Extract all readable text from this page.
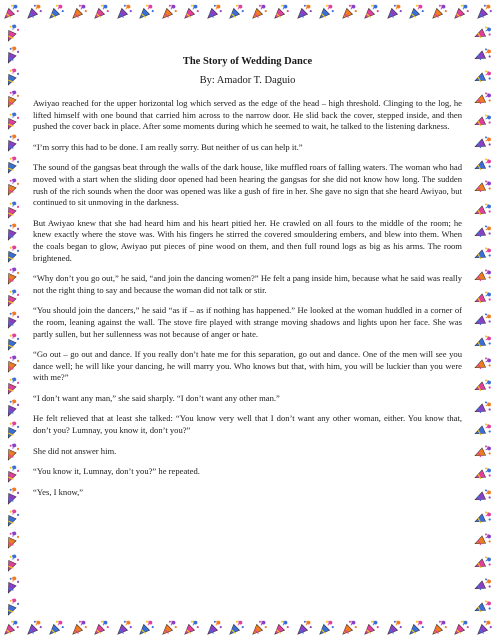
The Story of Wedding Dance
By: Amador T. Daguio

Awiyao reached for the upper horizontal log which served as the edge of the head – high threshold. Clinging to the log, he lifted himself with one bound that carried him across to the narrow door. He slid back the cover, stepped inside, and then pushed the cover back in place. After some moments during which he seemed to wait, he talked to the listening darkness.

“I’m sorry this had to be done. I am really sorry. But neither of us can help it.”

The sound of the gangsas beat through the walls of the dark house, like muffled roars of falling waters. The woman who had moved with a start when the sliding door opened had been hearing the gangsas for she did not know how long. The sudden rush of the rich sounds when the door was opened was like a gush of fire in her. She gave no sign that she heard Awiyao, but continued to sit unmoving in the darkness.

But Awiyao knew that she had heard him and his heart pitied her. He crawled on all fours to the middle of the room; he knew exactly where the stove was. With his fingers he stirred the covered smouldering embers, and blew into them. When the coals began to glow, Awiyao put pieces of pine wood on them, and then full round logs as big as his arms. The room brightened.

“Why don’t you go out,” he said, “and join the dancing women?” He felt a pang inside him, because what he said was really not the right thing to say and because the woman did not talk or stir.

“You should join the dancers,” he said “as if – as if nothing has happened.” He looked at the woman huddled in a corner of the room, leaning against the wall. The stove fire played with strange moving shadows and lights upon her face. She was partly sullen, but her sullenness was not because of anger or hate.

“Go out – go out and dance. If you really don’t hate me for this separation, go out and dance. One of the men will see you dance well; he will like your dancing, he will marry you. Who knows but that, with him, you will be luckier than you were with me?”

“I don’t want any man,” she said sharply. “I don’t want any other man.”

He felt relieved that at least she talked: “You know very well that I don’t want any other woman, either. You know that, don’t you? Lumnay, you know it, don’t you?”

She did not answer him.

“You know it, Lumnay, don’t you?” he repeated.

“Yes, I know,”
